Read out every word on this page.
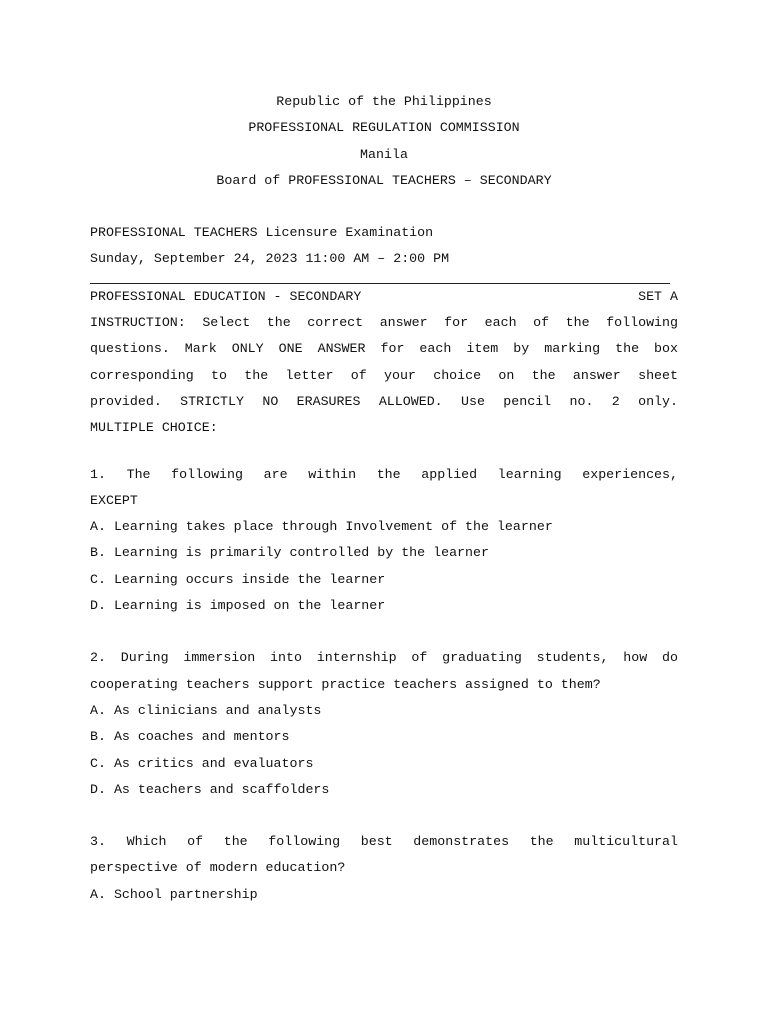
Republic of the Philippines
PROFESSIONAL REGULATION COMMISSION
Manila
Board of PROFESSIONAL TEACHERS – SECONDARY
PROFESSIONAL TEACHERS Licensure Examination
Sunday, September 24, 2023 11:00 AM – 2:00 PM
PROFESSIONAL EDUCATION - SECONDARY	SET A
INSTRUCTION: Select the correct answer for each of the following
questions. Mark ONLY ONE ANSWER for each item by marking the box
corresponding to the letter of your choice on the answer sheet
provided. STRICTLY NO ERASURES ALLOWED. Use pencil no. 2 only.
MULTIPLE CHOICE:
1. The following are within the applied learning experiences,
EXCEPT
A. Learning takes place through Involvement of the learner
B. Learning is primarily controlled by the learner
C. Learning occurs inside the learner
D. Learning is imposed on the learner
2. During immersion into internship of graduating students, how do
cooperating teachers support practice teachers assigned to them?
A. As clinicians and analysts
B. As coaches and mentors
C. As critics and evaluators
D. As teachers and scaffolders
3. Which of the following best demonstrates the multicultural
perspective of modern education?
A. School partnership
